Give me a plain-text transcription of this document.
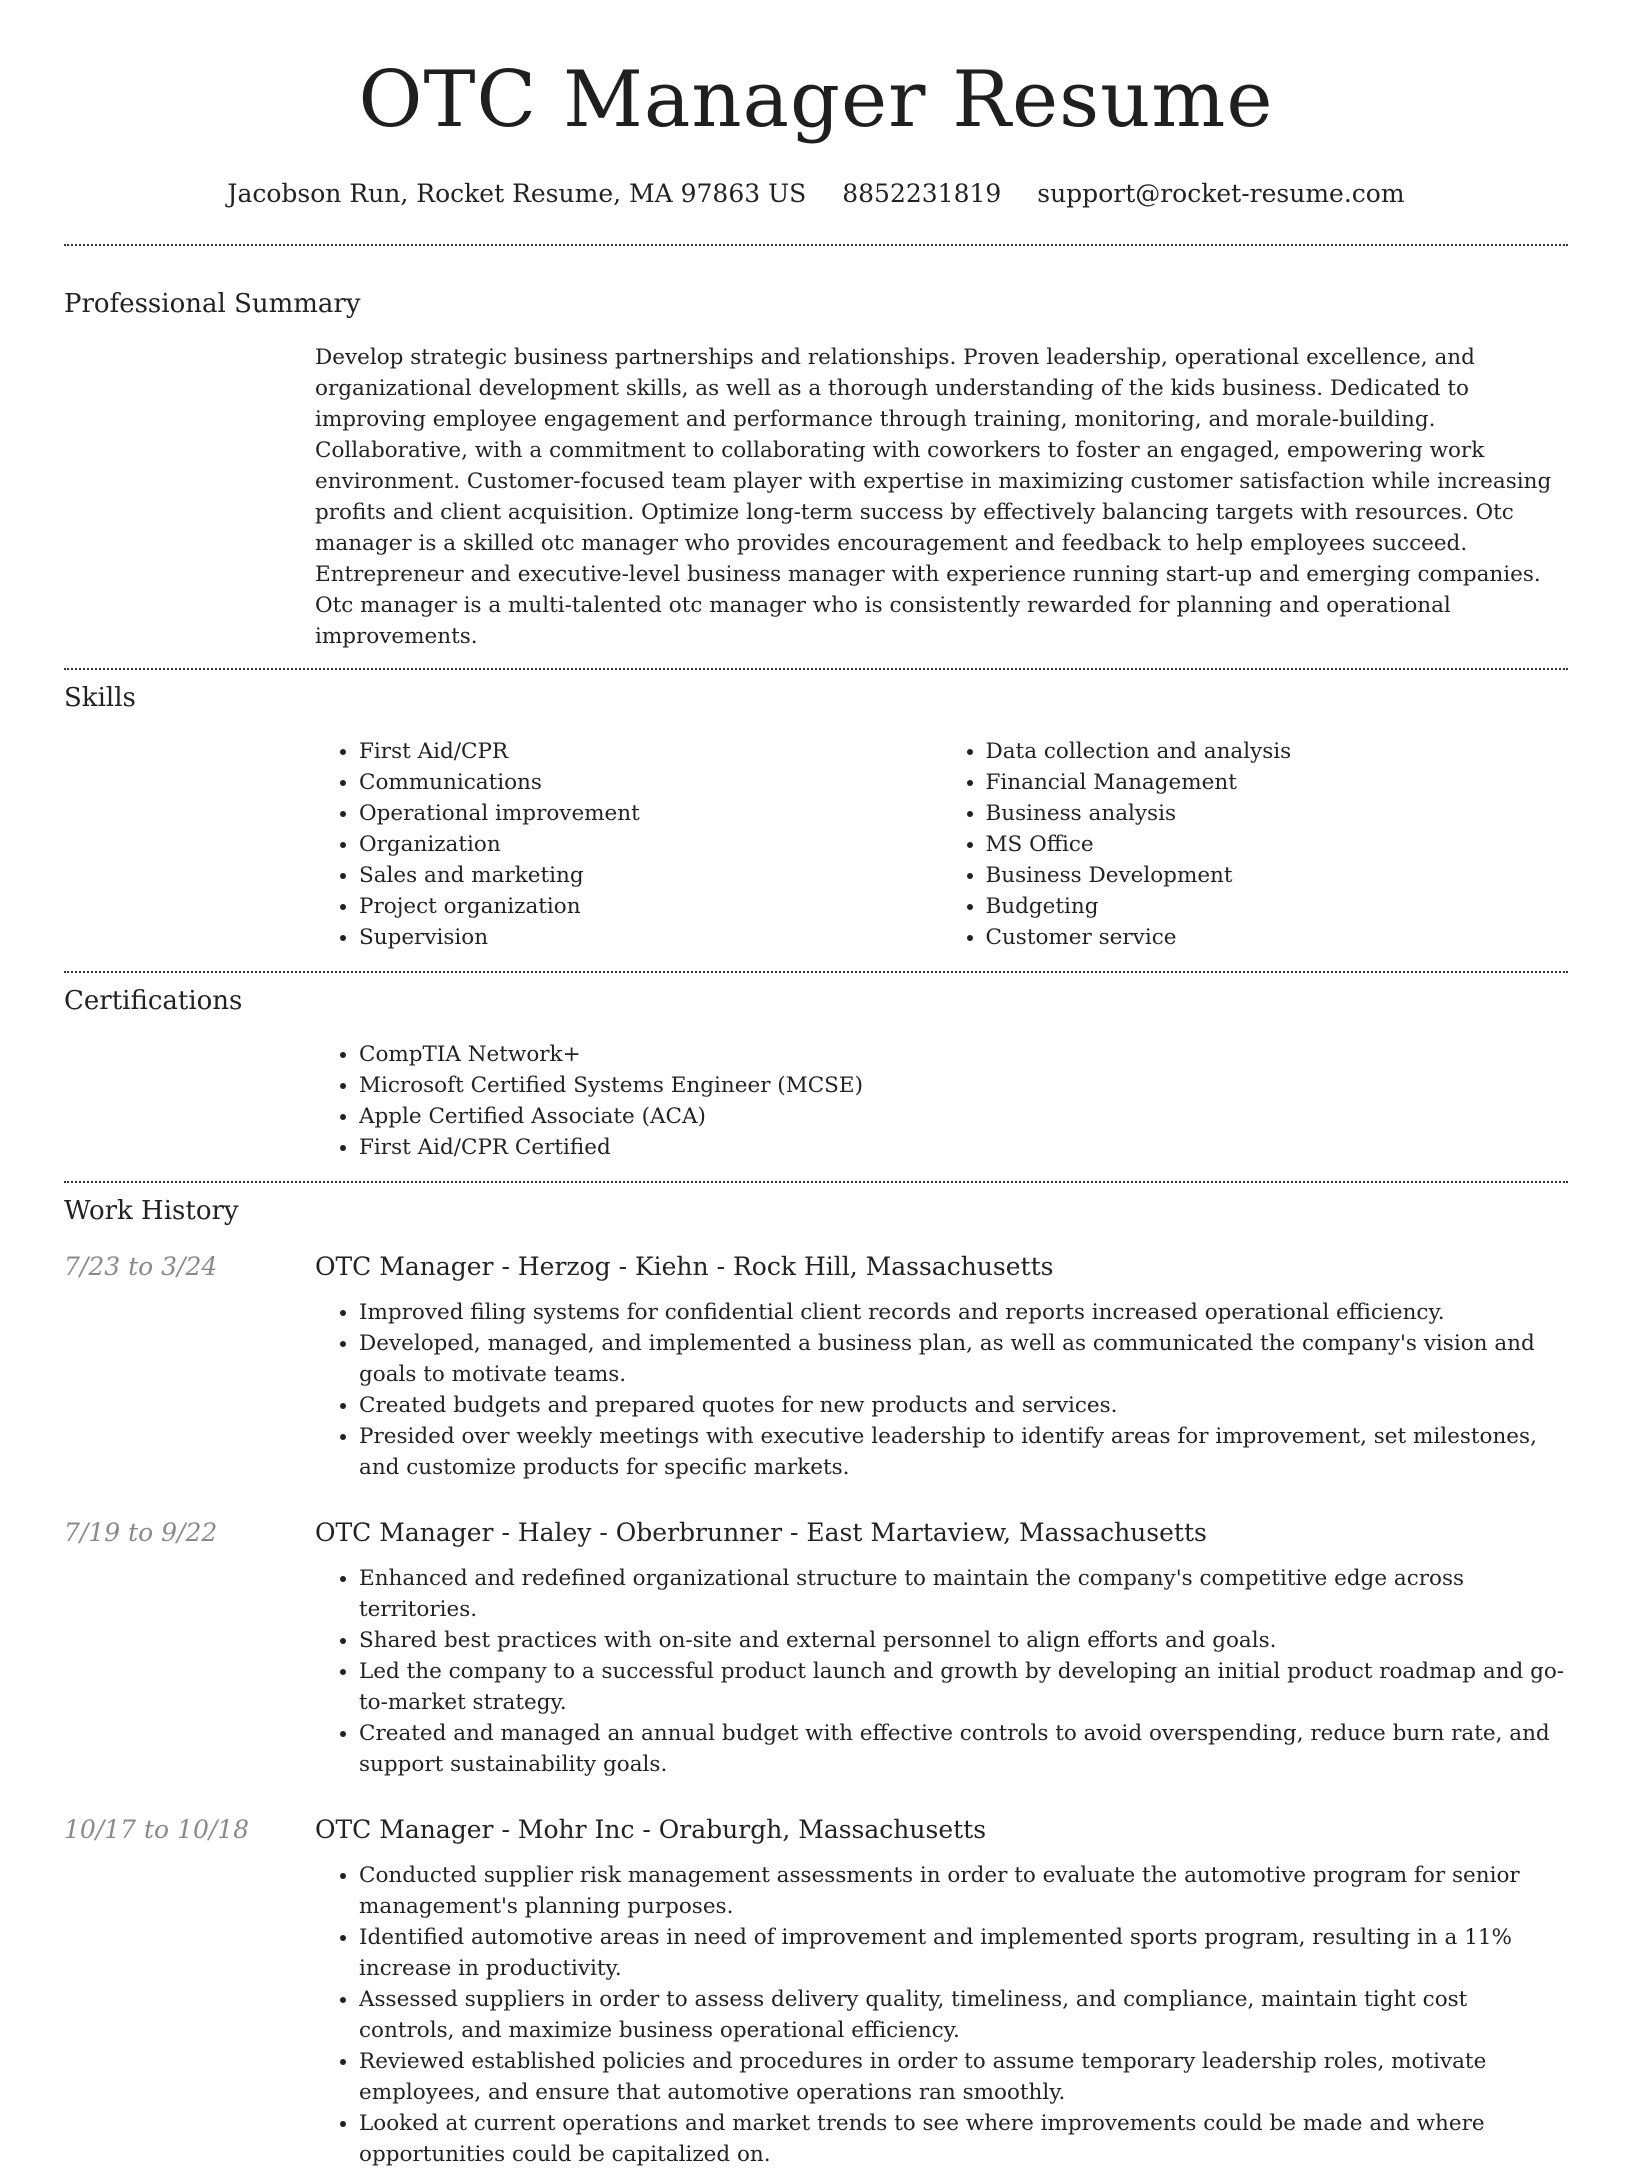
OTC Manager Resume
Jacobson Run, Rocket Resume, MA 97863 US 8852231819 support@rocket-resume.com
Professional Summary
Develop strategic business partnerships and relationships. Proven leadership, operational excellence, and organizational development skills, as well as a thorough understanding of the kids business. Dedicated to improving employee engagement and performance through training, monitoring, and morale-building. Collaborative, with a commitment to collaborating with coworkers to foster an engaged, empowering work environment. Customer-focused team player with expertise in maximizing customer satisfaction while increasing profits and client acquisition. Optimize long-term success by effectively balancing targets with resources. Otc manager is a skilled otc manager who provides encouragement and feedback to help employees succeed. Entrepreneur and executive-level business manager with experience running start-up and emerging companies. Otc manager is a multi-talented otc manager who is consistently rewarded for planning and operational improvements.
Skills
• First Aid/CPR
• Communications
• Operational improvement
• Organization
• Sales and marketing
• Project organization
• Supervision
• Data collection and analysis
• Financial Management
• Business analysis
• MS Office
• Business Development
• Budgeting
• Customer service
Certifications
• CompTIA Network+
• Microsoft Certified Systems Engineer (MCSE)
• Apple Certified Associate (ACA)
• First Aid/CPR Certified
Work History
7/23 to 3/24	OTC Manager - Herzog - Kiehn - Rock Hill, Massachusetts
• Improved filing systems for confidential client records and reports increased operational efficiency.
• Developed, managed, and implemented a business plan, as well as communicated the company's vision and goals to motivate teams.
• Created budgets and prepared quotes for new products and services.
• Presided over weekly meetings with executive leadership to identify areas for improvement, set milestones, and customize products for specific markets.
7/19 to 9/22	OTC Manager - Haley - Oberbrunner - East Martaview, Massachusetts
• Enhanced and redefined organizational structure to maintain the company's competitive edge across territories.
• Shared best practices with on-site and external personnel to align efforts and goals.
• Led the company to a successful product launch and growth by developing an initial product roadmap and go-to-market strategy.
• Created and managed an annual budget with effective controls to avoid overspending, reduce burn rate, and support sustainability goals.
10/17 to 10/18	OTC Manager - Mohr Inc - Oraburgh, Massachusetts
• Conducted supplier risk management assessments in order to evaluate the automotive program for senior management's planning purposes.
• Identified automotive areas in need of improvement and implemented sports program, resulting in a 11% increase in productivity.
• Assessed suppliers in order to assess delivery quality, timeliness, and compliance, maintain tight cost controls, and maximize business operational efficiency.
• Reviewed established policies and procedures in order to assume temporary leadership roles, motivate employees, and ensure that automotive operations ran smoothly.
• Looked at current operations and market trends to see where improvements could be made and where opportunities could be capitalized on.
